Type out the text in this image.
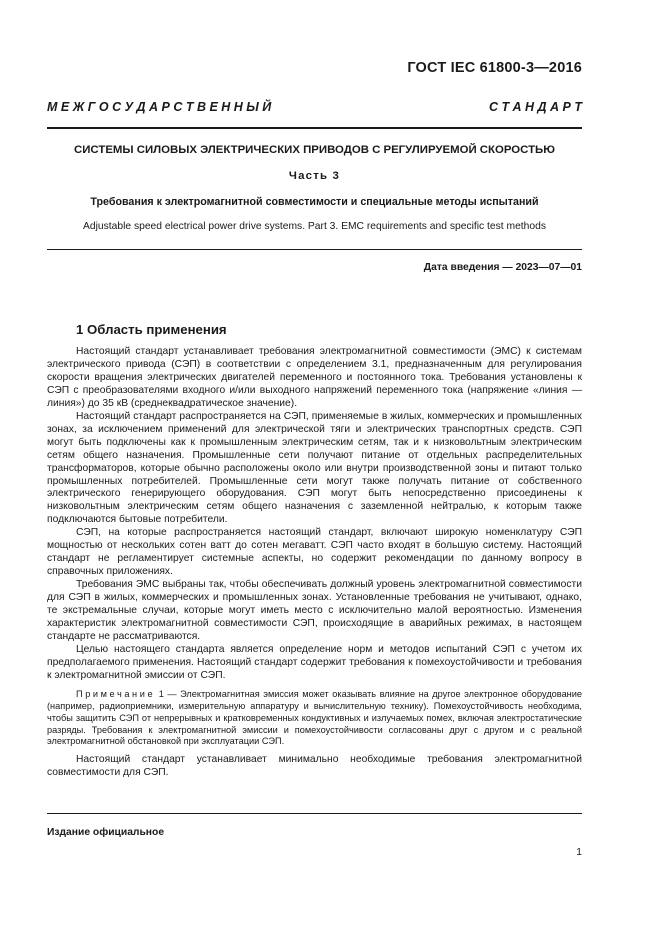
ГОСТ IEC 61800-3—2016
М Е Ж Г О С У Д А Р С Т В Е Н Н Ы Й	С Т А Н Д А Р Т
СИСТЕМЫ СИЛОВЫХ ЭЛЕКТРИЧЕСКИХ ПРИВОДОВ С РЕГУЛИРУЕМОЙ СКОРОСТЬЮ
Часть 3
Требования к электромагнитной совместимости и специальные методы испытаний
Adjustable speed electrical power drive systems. Part 3. EMC requirements and specific test methods
Дата введения — 2023—07—01
1 Область применения

Настоящий стандарт устанавливает требования электромагнитной совместимости (ЭМС) к системам электрического привода (СЭП) в соответствии с определением 3.1, предназначенным для регулирования скорости вращения электрических двигателей переменного и постоянного тока. Требования установлены к СЭП с преобразователями входного и/или выходного напряжений переменного тока (напряжение «линия — линия») до 35 кВ (среднеквадратическое значение).

Настоящий стандарт распространяется на СЭП, применяемые в жилых, коммерческих и промышленных зонах, за исключением применений для электрической тяги и электрических транспортных средств. СЭП могут быть подключены как к промышленным электрическим сетям, так и к низковольтным электрическим сетям общего назначения. Промышленные сети получают питание от отдельных распределительных трансформаторов, которые обычно расположены около или внутри производственной зоны и питают только промышленных потребителей. Промышленные сети могут также получать питание от собственного электрического генерирующего оборудования. СЭП могут быть непосредственно присоединены к низковольтным электрическим сетям общего назначения с заземленной нейтралью, к которым также подключаются бытовые потребители.

СЭП, на которые распространяется настоящий стандарт, включают широкую номенклатуру СЭП мощностью от нескольких сотен ватт до сотен мегаватт. СЭП часто входят в большую систему. Настоящий стандарт не регламентирует системные аспекты, но содержит рекомендации по данному вопросу в справочных приложениях.

Требования ЭМС выбраны так, чтобы обеспечивать должный уровень электромагнитной совместимости для СЭП в жилых, коммерческих и промышленных зонах. Установленные требования не учитывают, однако, те экстремальные случаи, которые могут иметь место с исключительно малой вероятностью. Изменения характеристик электромагнитной совместимости СЭП, происходящие в аварийных режимах, в настоящем стандарте не рассматриваются.

Целью настоящего стандарта является определение норм и методов испытаний СЭП с учетом их предполагаемого применения. Настоящий стандарт содержит требования к помехоустойчивости и требования к электромагнитной эмиссии от СЭП.

Примечание 1 — Электромагнитная эмиссия может оказывать влияние на другое электронное оборудование (например, радиоприемники, измерительную аппаратуру и вычислительную технику). Помехоустойчивость необходима, чтобы защитить СЭП от непрерывных и кратковременных кондуктивных и излучаемых помех, включая электростатические разряды. Требования к электромагнитной эмиссии и помехоустойчивости согласованы друг с другом и с реальной электромагнитной обстановкой при эксплуатации СЭП.

Настоящий стандарт устанавливает минимально необходимые требования электромагнитной совместимости для СЭП.

Издание официальное
1
